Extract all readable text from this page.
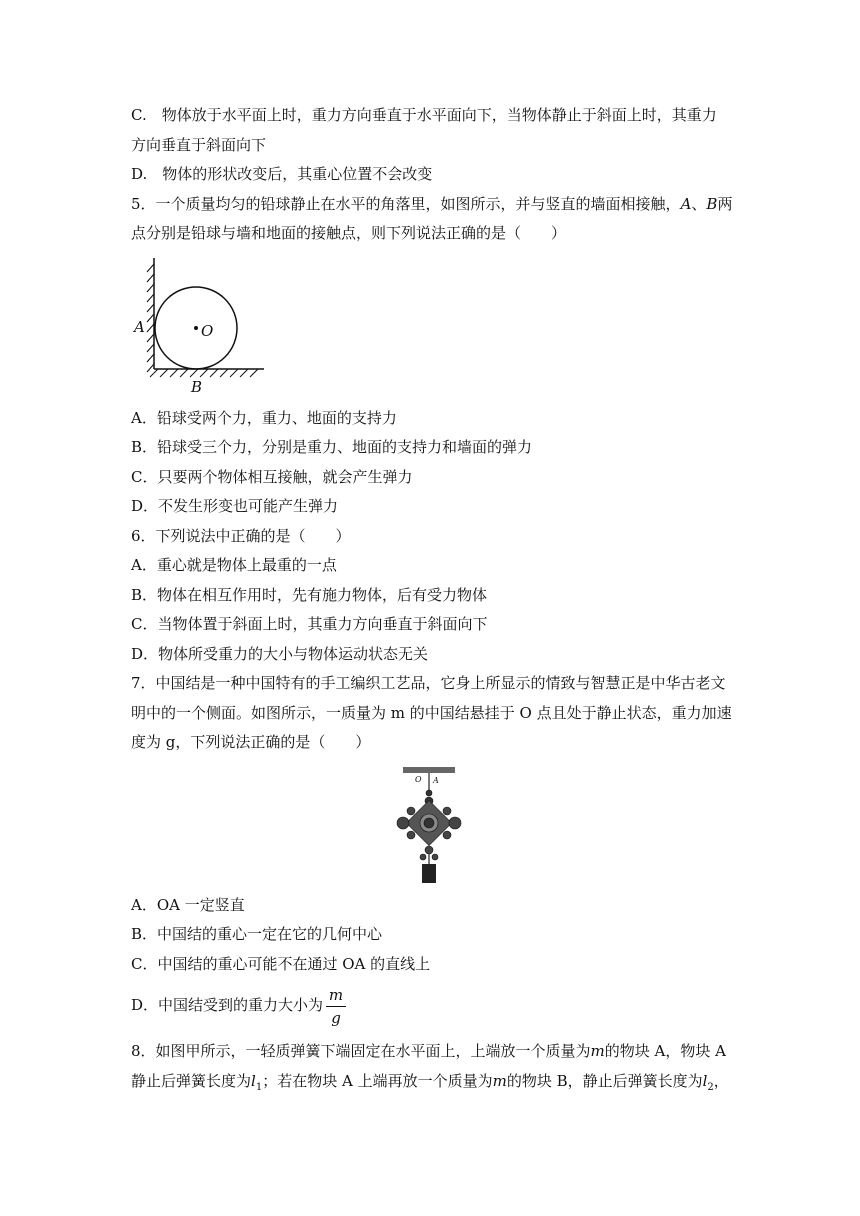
C.　物体放于水平面上时，重力方向垂直于水平面向下，当物体静止于斜面上时，其重力
方向垂直于斜面向下
D.　物体的形状改变后，其重心位置不会改变
5．一个质量均匀的铅球静止在水平的角落里，如图所示，并与竖直的墙面相接触，A、B两
点分别是铅球与墙和地面的接触点，则下列说法正确的是（　　）
O
A
B
A．铅球受两个力，重力、地面的支持力
B．铅球受三个力，分别是重力、地面的支持力和墙面的弹力
C．只要两个物体相互接触，就会产生弹力
D．不发生形变也可能产生弹力
6．下列说法中正确的是（　　）
A．重心就是物体上最重的一点
B．物体在相互作用时，先有施力物体，后有受力物体
C．当物体置于斜面上时，其重力方向垂直于斜面向下
D．物体所受重力的大小与物体运动状态无关
7．中国结是一种中国特有的手工编织工艺品，它身上所显示的情致与智慧正是中华古老文
明中的一个侧面。如图所示，一质量为 m 的中国结悬挂于 O 点且处于静止状态，重力加速
度为 g，下列说法正确的是（　　）
O A
A．OA 一定竖直
B．中国结的重心一定在它的几何中心
C．中国结的重心可能不在通过 OA 的直线上
D．中国结受到的重力大小为
m
g
8．如图甲所示，一轻质弹簧下端固定在水平面上，上端放一个质量为m的物块 A，物块 A
静止后弹簧长度为$l_1$；若在物块 A 上端再放一个质量为m的物块 B，静止后弹簧长度为$l_2$，
